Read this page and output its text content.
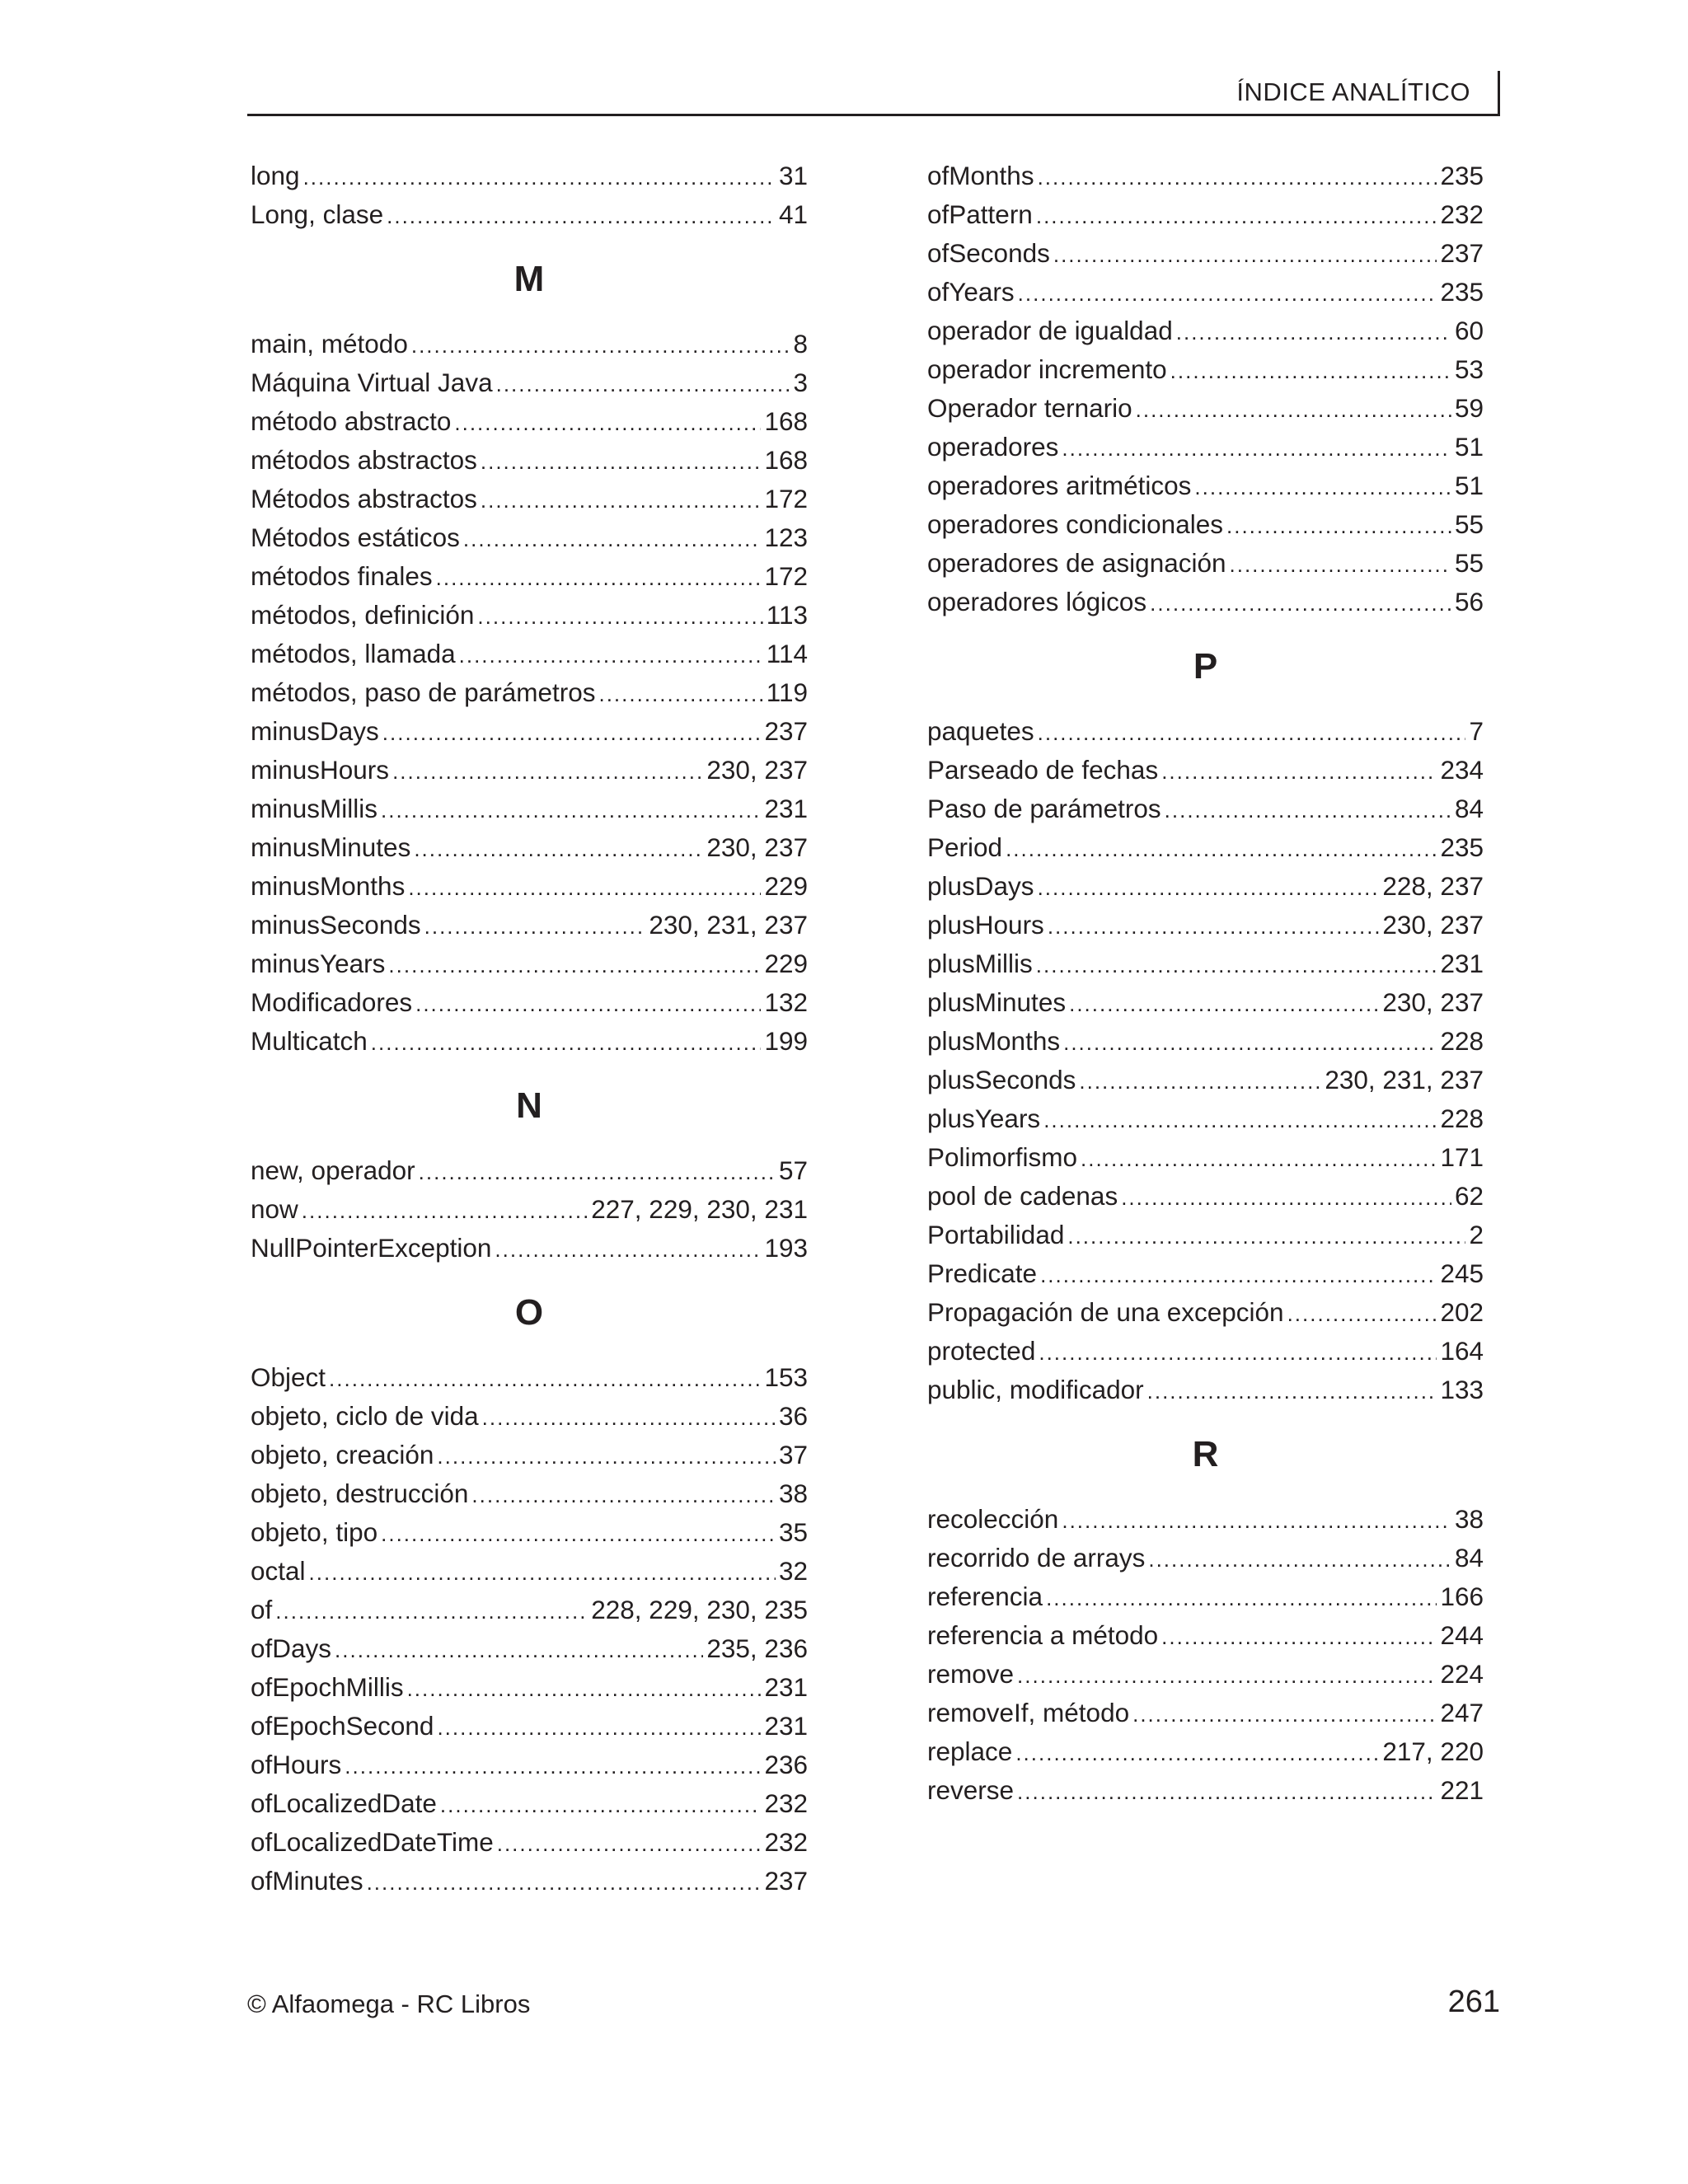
ÍNDICE ANALÍTICO
long .....	31
Long, clase .....	41
M
main, método .....	8
Máquina Virtual Java .....	3
método abstracto .....	168
métodos abstractos .....	168
Métodos abstractos .....	172
Métodos estáticos .....	123
métodos finales .....	172
métodos, definición .....	113
métodos, llamada .....	114
métodos, paso de parámetros .....	119
minusDays .....	237
minusHours .....	230, 237
minusMillis .....	231
minusMinutes .....	230, 237
minusMonths .....	229
minusSeconds .....	230, 231, 237
minusYears .....	229
Modificadores .....	132
Multicatch .....	199
N
new, operador .....	57
now .....	227, 229, 230, 231
NullPointerException .....	193
O
Object .....	153
objeto, ciclo de vida .....	36
objeto, creación .....	37
objeto, destrucción .....	38
objeto, tipo .....	35
octal .....	32
of .....	228, 229, 230, 235
ofDays .....	235, 236
ofEpochMillis .....	231
ofEpochSecond .....	231
ofHours .....	236
ofLocalizedDate .....	232
ofLocalizedDateTime .....	232
ofMinutes .....	237
ofMonths .....	235
ofPattern .....	232
ofSeconds .....	237
ofYears .....	235
operador de igualdad .....	60
operador incremento .....	53
Operador ternario .....	59
operadores .....	51
operadores aritméticos .....	51
operadores condicionales .....	55
operadores de asignación .....	55
operadores lógicos .....	56
P
paquetes .....	7
Parseado de fechas .....	234
Paso de parámetros .....	84
Period .....	235
plusDays .....	228, 237
plusHours .....	230, 237
plusMillis .....	231
plusMinutes .....	230, 237
plusMonths .....	228
plusSeconds .....	230, 231, 237
plusYears .....	228
Polimorfismo .....	171
pool de cadenas .....	62
Portabilidad .....	2
Predicate .....	245
Propagación de una excepción .....	202
protected .....	164
public, modificador .....	133
R
recolección .....	38
recorrido de arrays .....	84
referencia .....	166
referencia a método .....	244
remove .....	224
removeIf, método .....	247
replace .....	217, 220
reverse .....	221
© Alfaomega - RC Libros	261
